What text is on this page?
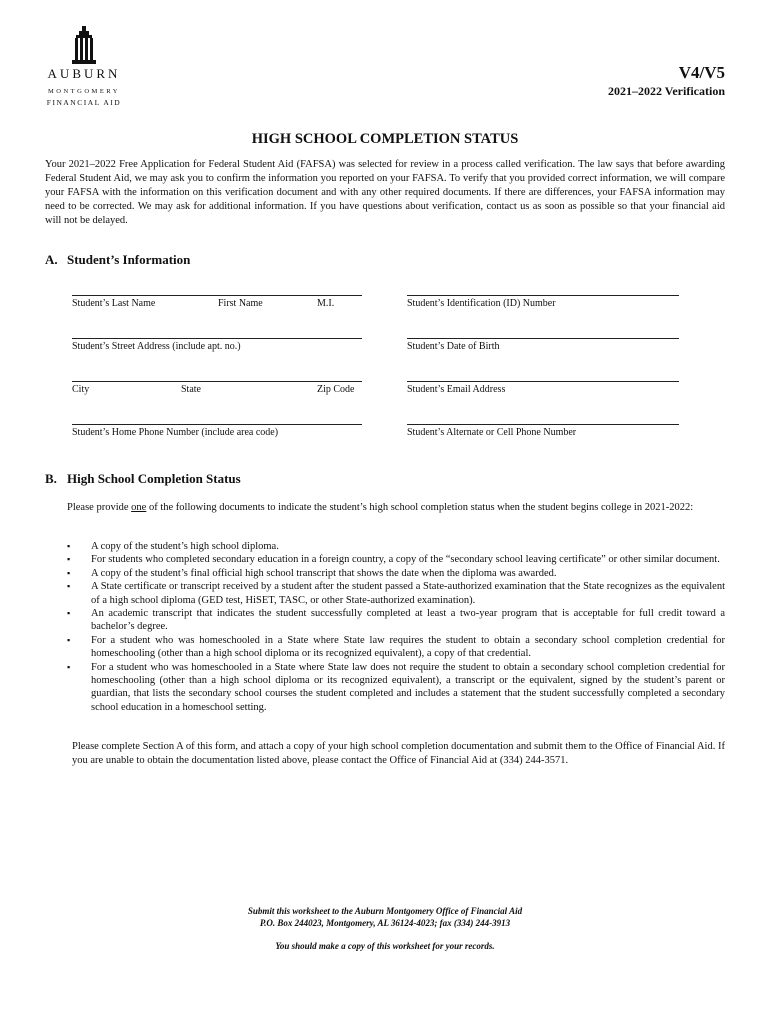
AUBURN
MONTGOMERY
FINANCIAL AID
V4/V5
2021–2022 Verification
HIGH SCHOOL COMPLETION STATUS
Your 2021–2022 Free Application for Federal Student Aid (FAFSA) was selected for review in a process called verification. The law says that before awarding Federal Student Aid, we may ask you to confirm the information you reported on your FAFSA. To verify that you provided correct information, we will compare your FAFSA with the information on this verification document and with any other required documents. If there are differences, your FAFSA information may need to be corrected. We may ask for additional information. If you have questions about verification, contact us as soon as possible so that your financial aid will not be delayed.
A. Student’s Information
Student’s Last Name	First Name	M.I.	Student’s Identification (ID) Number
Student’s Street Address (include apt. no.)	Student’s Date of Birth
City	State	Zip Code	Student’s Email Address
Student’s Home Phone Number (include area code)	Student’s Alternate or Cell Phone Number
B. High School Completion Status
Please provide one of the following documents to indicate the student’s high school completion status when the student begins college in 2021-2022:
▪ A copy of the student’s high school diploma.
▪ For students who completed secondary education in a foreign country, a copy of the “secondary school leaving certificate” or other similar document.
▪ A copy of the student’s final official high school transcript that shows the date when the diploma was awarded.
▪ A State certificate or transcript received by a student after the student passed a State-authorized examination that the State recognizes as the equivalent of a high school diploma (GED test, HiSET, TASC, or other State-authorized examination).
▪ An academic transcript that indicates the student successfully completed at least a two-year program that is acceptable for full credit toward a bachelor’s degree.
▪ For a student who was homeschooled in a State where State law requires the student to obtain a secondary school completion credential for homeschooling (other than a high school diploma or its recognized equivalent), a copy of that credential.
▪ For a student who was homeschooled in a State where State law does not require the student to obtain a secondary school completion credential for homeschooling (other than a high school diploma or its recognized equivalent), a transcript or the equivalent, signed by the student’s parent or guardian, that lists the secondary school courses the student completed and includes a statement that the student successfully completed a secondary school education in a homeschool setting.
Please complete Section A of this form, and attach a copy of your high school completion documentation and submit them to the Office of Financial Aid. If you are unable to obtain the documentation listed above, please contact the Office of Financial Aid at (334) 244-3571.
Submit this worksheet to the Auburn Montgomery Office of Financial Aid
P.O. Box 244023, Montgomery, AL 36124-4023; fax (334) 244-3913
You should make a copy of this worksheet for your records.
